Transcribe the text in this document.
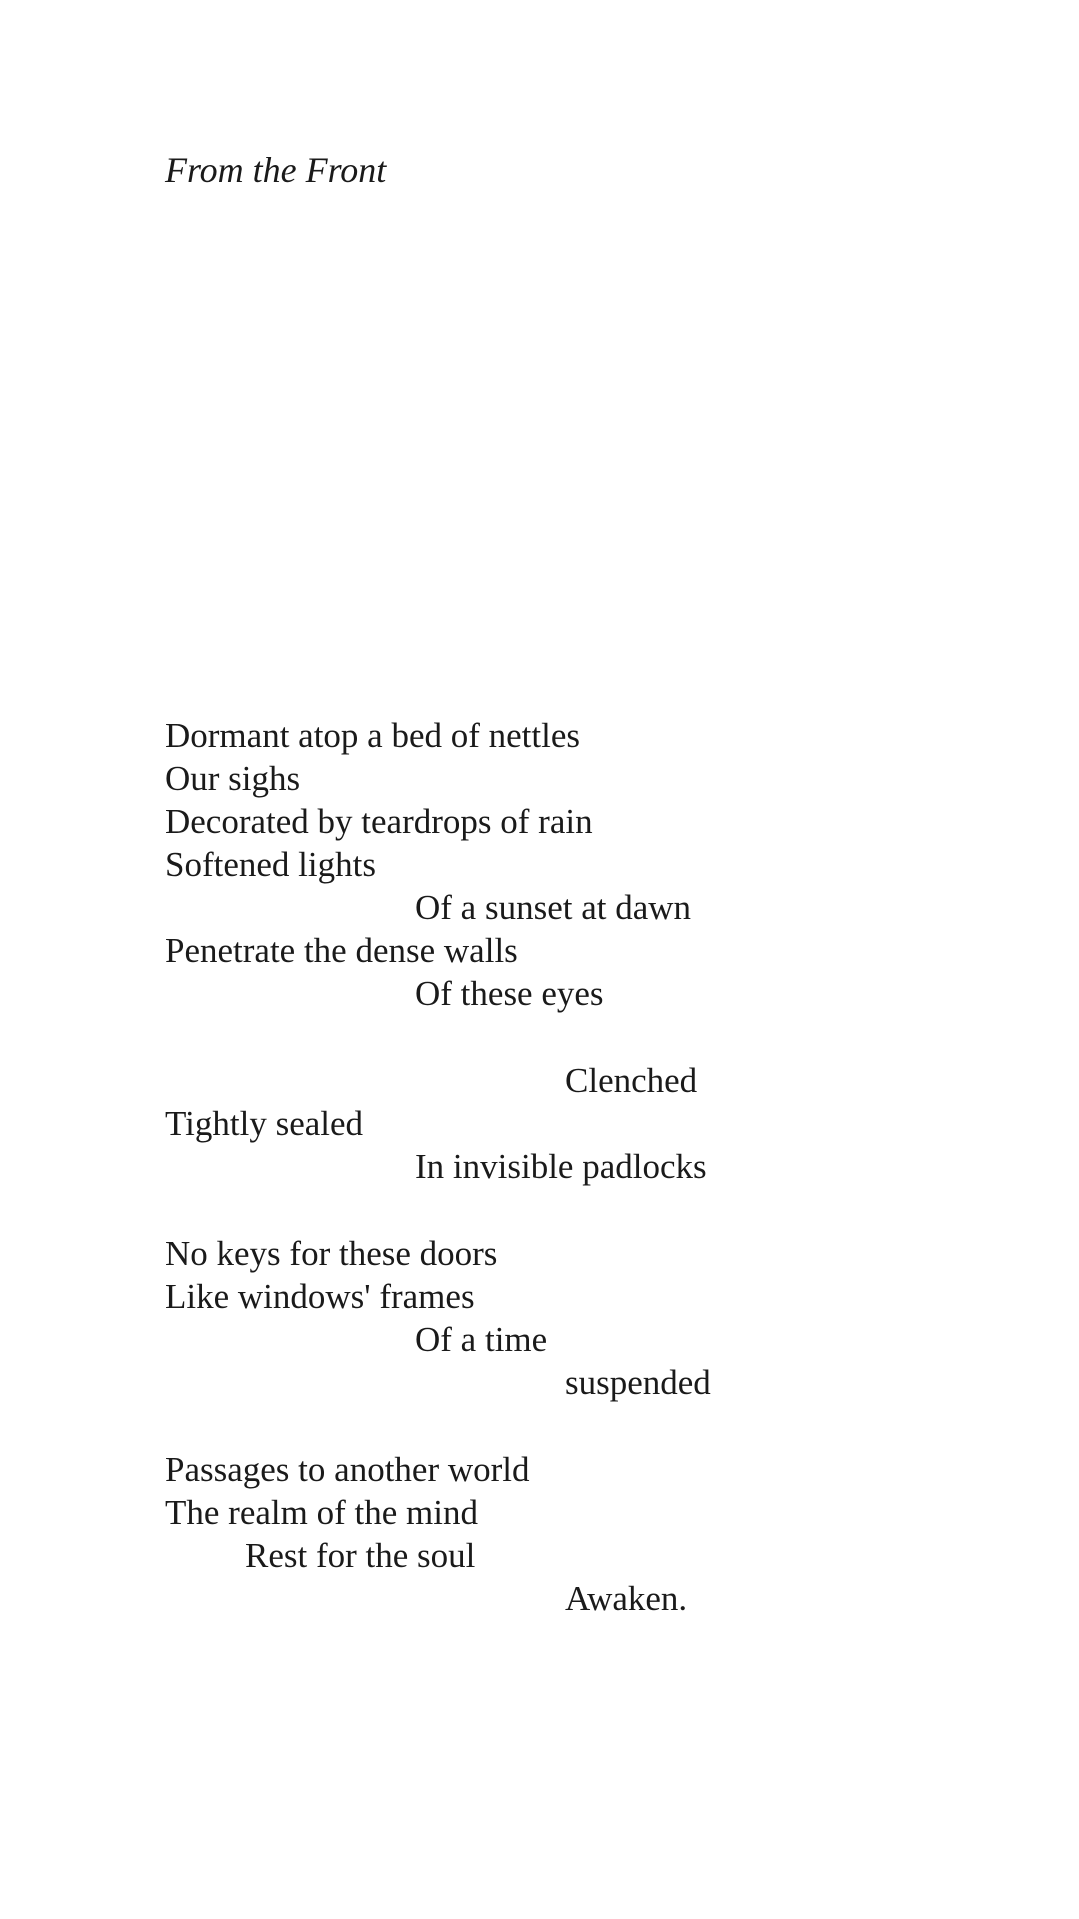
From the Front
Dormant atop a bed of nettles
Our sighs
Decorated by teardrops of rain
Softened lights
Of a sunset at dawn
Penetrate the dense walls
Of these eyes
Clenched
Tightly sealed
In invisible padlocks
No keys for these doors
Like windows' frames
Of a time
suspended
Passages to another world
The realm of the mind
Rest for the soul
Awaken.
